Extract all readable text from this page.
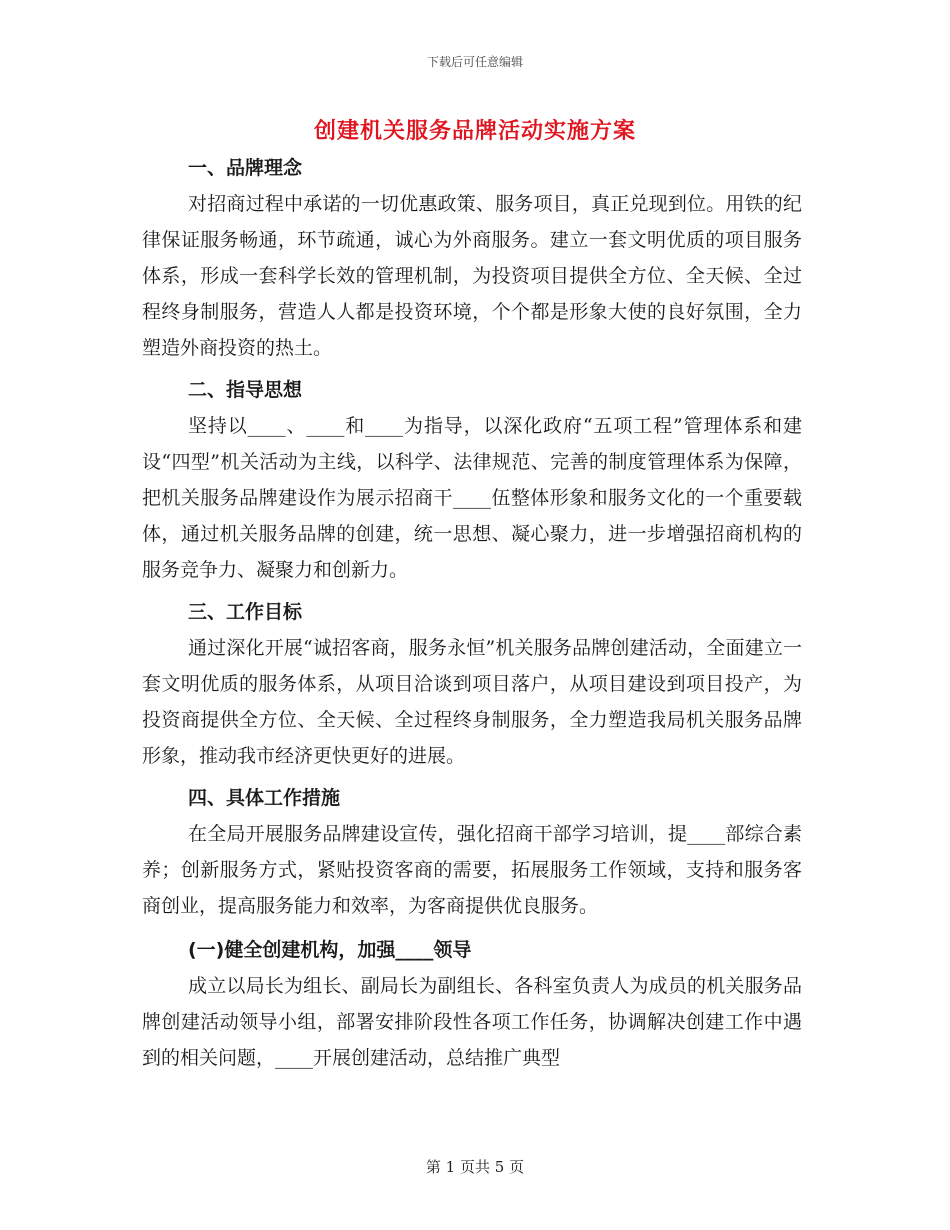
下载后可任意编辑
创建机关服务品牌活动实施方案

一、品牌理念

对招商过程中承诺的一切优惠政策、服务项目，真正兑现到位。用铁的纪律保证服务畅通，环节疏通，诚心为外商服务。建立一套文明优质的项目服务体系，形成一套科学长效的管理机制，为投资项目提供全方位、全天候、全过程终身制服务，营造人人都是投资环境，个个都是形象大使的良好氛围，全力塑造外商投资的热土。

二、指导思想

坚持以____、____和____为指导，以深化政府“五项工程”管理体系和建设“四型”机关活动为主线，以科学、法律规范、完善的制度管理体系为保障，把机关服务品牌建设作为展示招商干____伍整体形象和服务文化的一个重要载体，通过机关服务品牌的创建，统一思想、凝心聚力，进一步增强招商机构的服务竞争力、凝聚力和创新力。

三、工作目标

通过深化开展“诚招客商，服务永恒”机关服务品牌创建活动，全面建立一套文明优质的服务体系，从项目洽谈到项目落户，从项目建设到项目投产，为投资商提供全方位、全天候、全过程终身制服务，全力塑造我局机关服务品牌形象，推动我市经济更快更好的进展。

四、具体工作措施

在全局开展服务品牌建设宣传，强化招商干部学习培训，提____部综合素养；创新服务方式，紧贴投资客商的需要，拓展服务工作领域，支持和服务客商创业，提高服务能力和效率，为客商提供优良服务。

(一)健全创建机构，加强____领导

成立以局长为组长、副局长为副组长、各科室负责人为成员的机关服务品牌创建活动领导小组，部署安排阶段性各项工作任务，协调解决创建工作中遇到的相关问题，____开展创建活动，总结推广典型

第 1 页共 5 页
